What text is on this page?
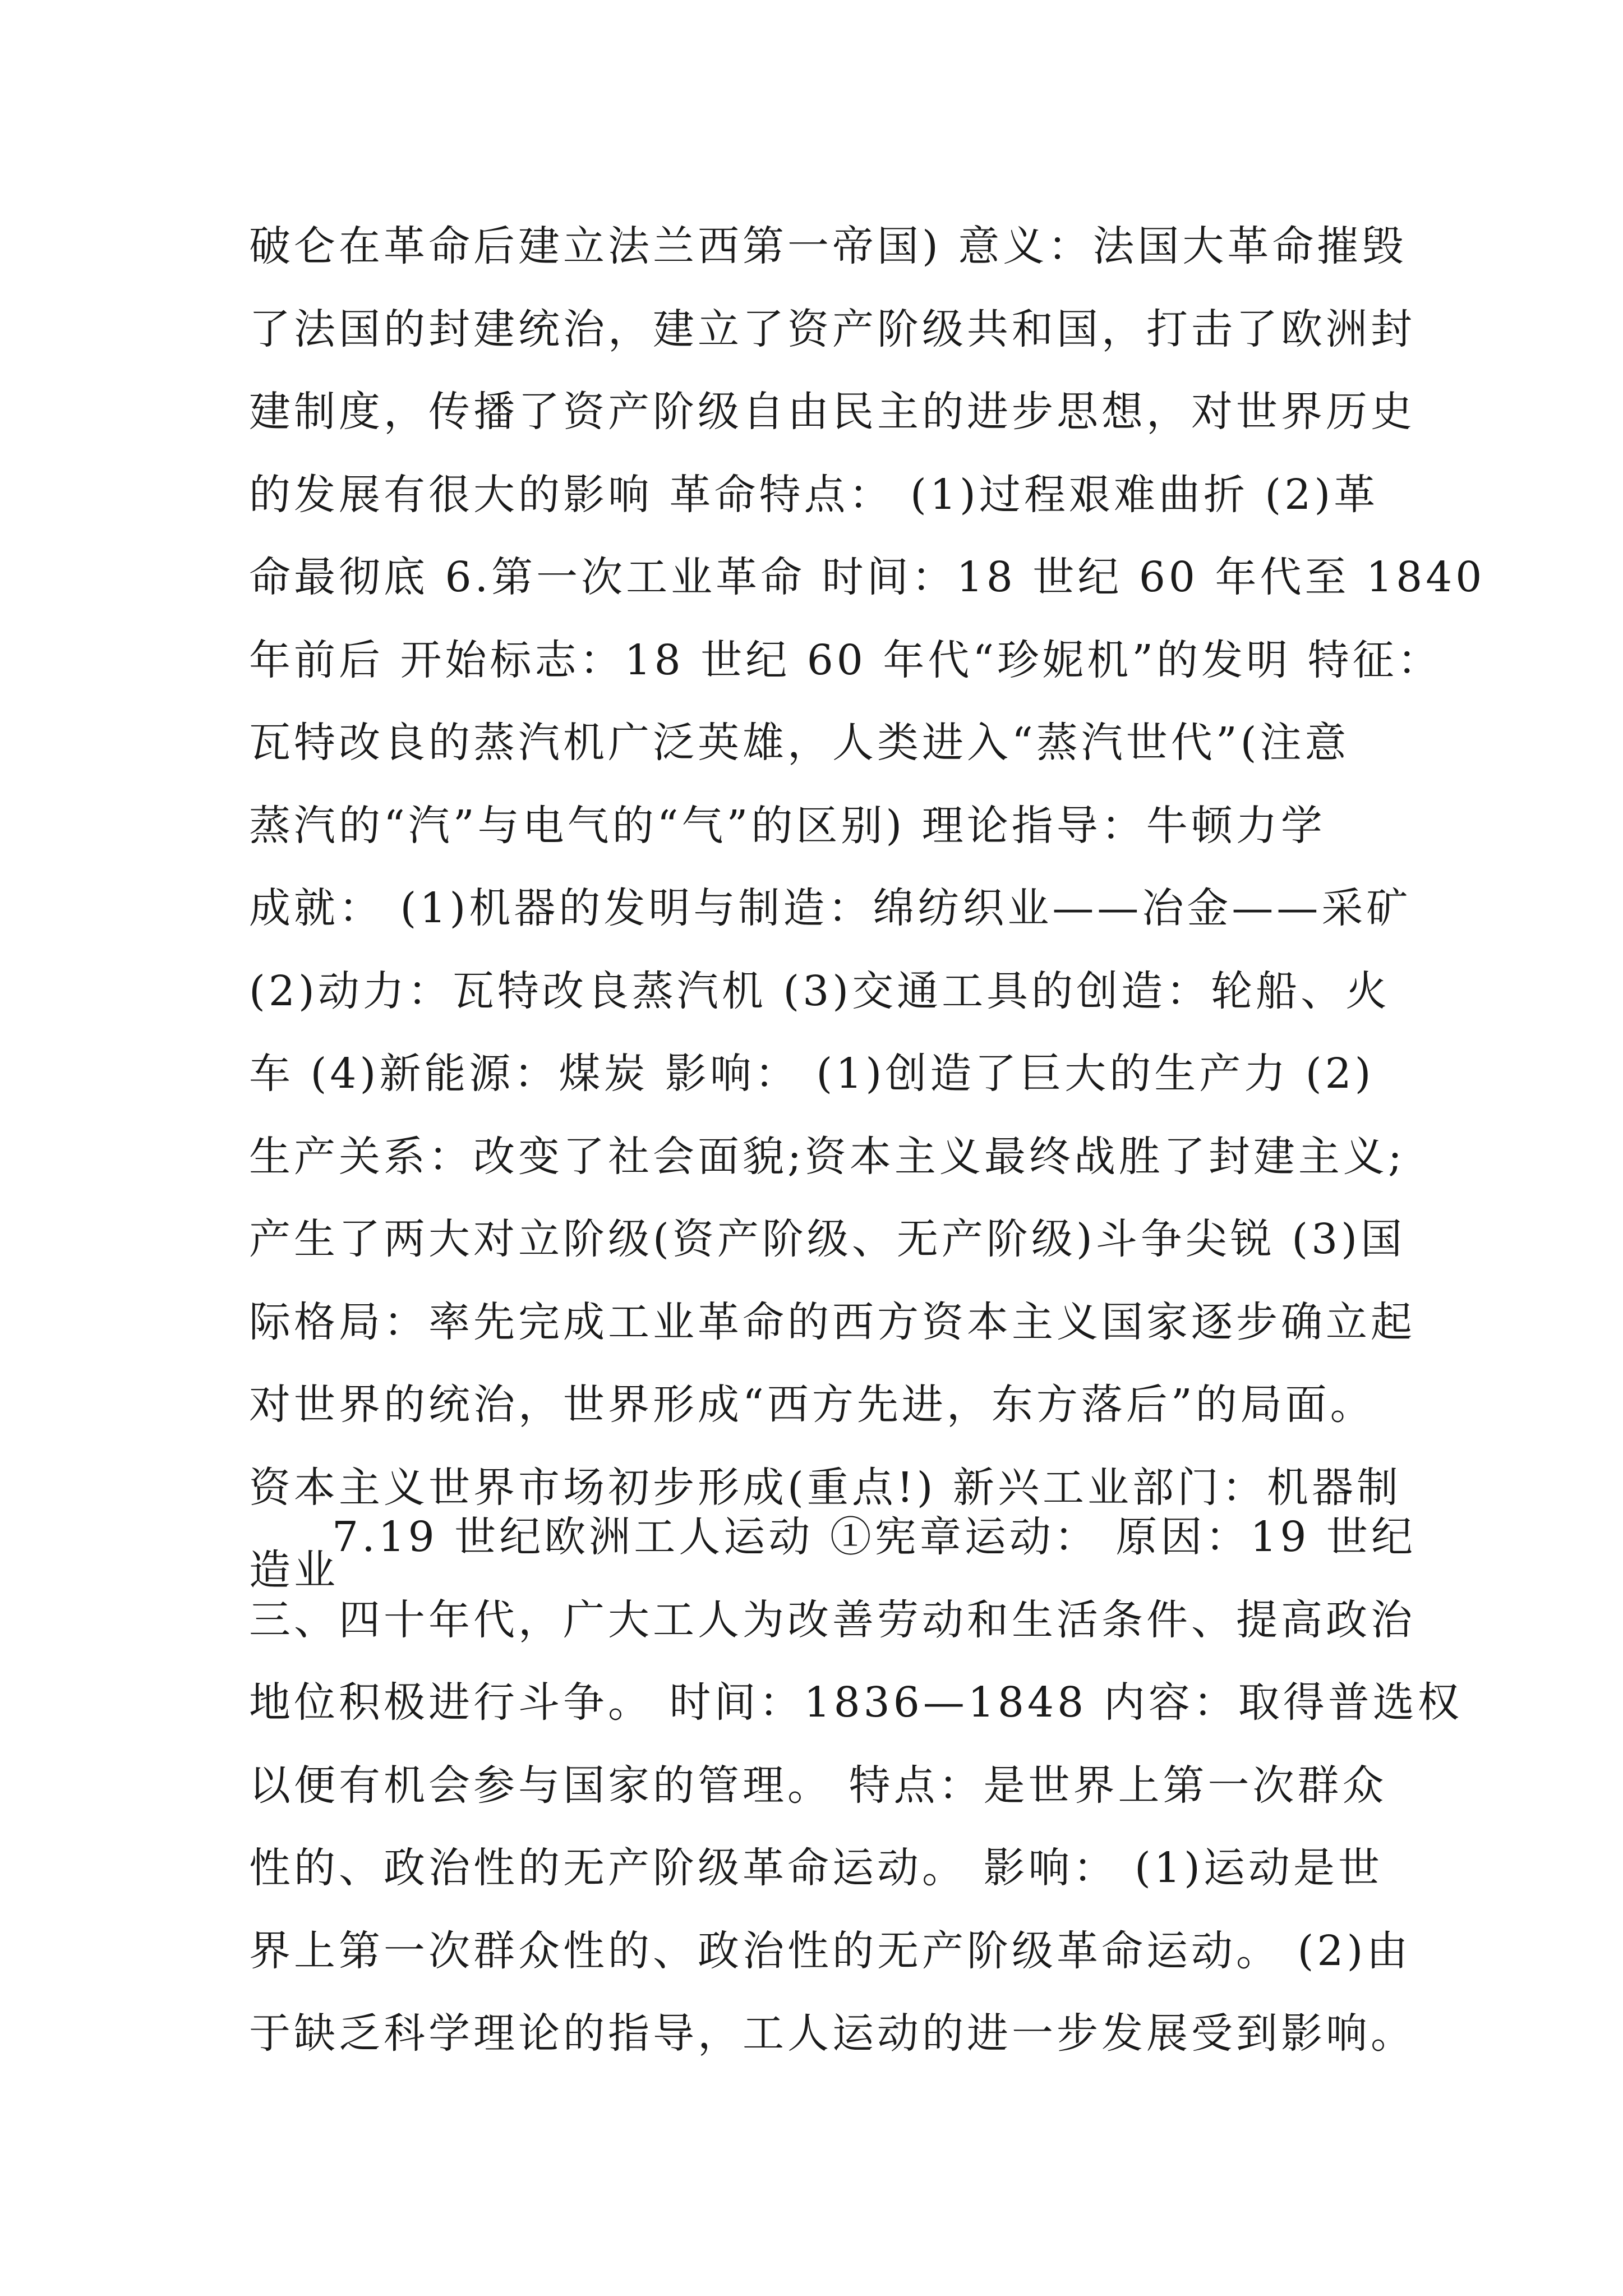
破仑在革命后建立法兰西第一帝国) 意义：法国大革命摧毁
了法国的封建统治，建立了资产阶级共和国，打击了欧洲封
建制度，传播了资产阶级自由民主的进步思想，对世界历史
的发展有很大的影响 革命特点： (1)过程艰难曲折 (2)革
命最彻底 6.第一次工业革命 时间：18 世纪 60 年代至 1840
年前后 开始标志：18 世纪 60 年代“珍妮机”的发明 特征：
瓦特改良的蒸汽机广泛英雄，人类进入“蒸汽世代”(注意
蒸汽的“汽”与电气的“气”的区别) 理论指导：牛顿力学
成就： (1)机器的发明与制造：绵纺织业——冶金——采矿
(2)动力：瓦特改良蒸汽机 (3)交通工具的创造：轮船、火
车 (4)新能源：煤炭 影响： (1)创造了巨大的生产力 (2)
生产关系：改变了社会面貌;资本主义最终战胜了封建主义;
产生了两大对立阶级(资产阶级、无产阶级)斗争尖锐 (3)国
际格局：率先完成工业革命的西方资本主义国家逐步确立起
对世界的统治，世界形成“西方先进，东方落后”的局面。
资本主义世界市场初步形成(重点!) 新兴工业部门：机器制
造业
7.19 世纪欧洲工人运动 ①宪章运动： 原因：19 世纪
三、四十年代，广大工人为改善劳动和生活条件、提高政治
地位积极进行斗争。 时间：1836—1848 内容：取得普选权
以便有机会参与国家的管理。 特点：是世界上第一次群众
性的、政治性的无产阶级革命运动。 影响： (1)运动是世
界上第一次群众性的、政治性的无产阶级革命运动。 (2)由
于缺乏科学理论的指导，工人运动的进一步发展受到影响。
